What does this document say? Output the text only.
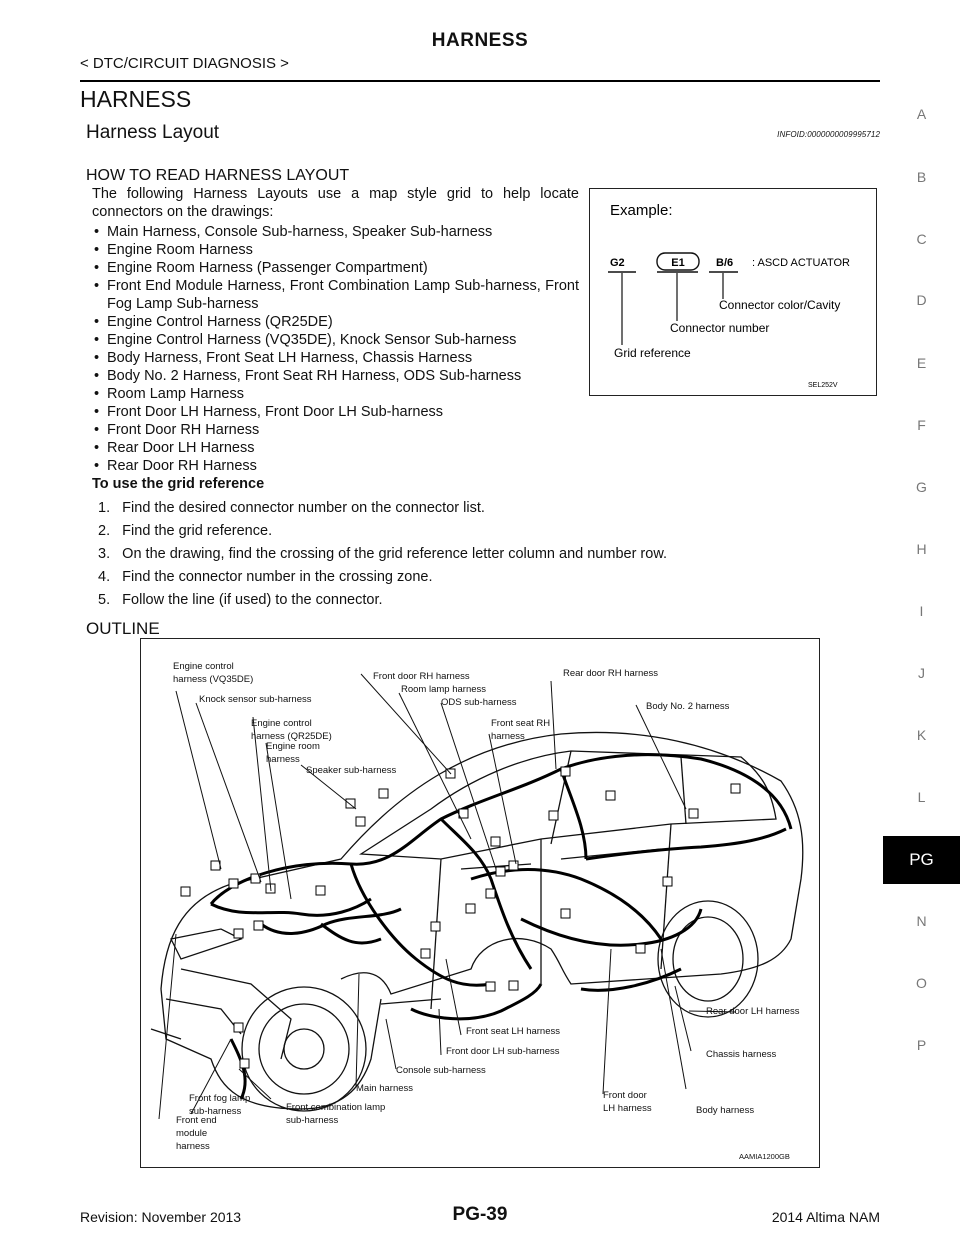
HARNESS
< DTC/CIRCUIT DIAGNOSIS >
HARNESS
Harness Layout	INFOID:0000000009995712
HOW TO READ HARNESS LAYOUT
The following Harness Layouts use a map style grid to help locate connectors on the drawings:
• Main Harness, Console Sub-harness, Speaker Sub-harness
• Engine Room Harness
• Engine Room Harness (Passenger Compartment)
• Front End Module Harness, Front Combination Lamp Sub-harness, Front Fog Lamp Sub-harness
• Engine Control Harness (QR25DE)
• Engine Control Harness (VQ35DE), Knock Sensor Sub-harness
• Body Harness, Front Seat LH Harness, Chassis Harness
• Body No. 2 Harness, Front Seat RH Harness, ODS Sub-harness
• Room Lamp Harness
• Front Door LH Harness, Front Door LH Sub-harness
• Front Door RH Harness
• Rear Door LH Harness
• Rear Door RH Harness
To use the grid reference
1.   Find the desired connector number on the connector list.
2.   Find the grid reference.
3.   On the drawing, find the crossing of the grid reference letter column and number row.
4.   Find the connector number in the crossing zone.
5.   Follow the line (if used) to the connector.
OUTLINE
Example:
G2	E1	B/6 : ASCD ACTUATOR
Connector color/Cavity
Connector number
Grid reference
SEL252V
Engine control
harness (VQ35DE)
Knock sensor sub-harness
Engine control
harness (QR25DE)
Engine room
harness
Speaker sub-harness
Front door RH harness
Room lamp harness
ODS sub-harness
Front seat RH
harness
Rear door RH harness
Body No. 2 harness
Rear door LH harness
Chassis harness
Body harness
Front door
LH harness
Front seat LH harness
Front door LH sub-harness
Console sub-harness
Main harness
Front combination lamp
sub-harness
Front fog lamp
sub-harness
Front end
module
harness
AAMIA1200GB
A
B
C
D
E
F
G
H
I
J
K
L
PG
N
O
P
Revision: November 2013	PG-39	2014 Altima NAM
